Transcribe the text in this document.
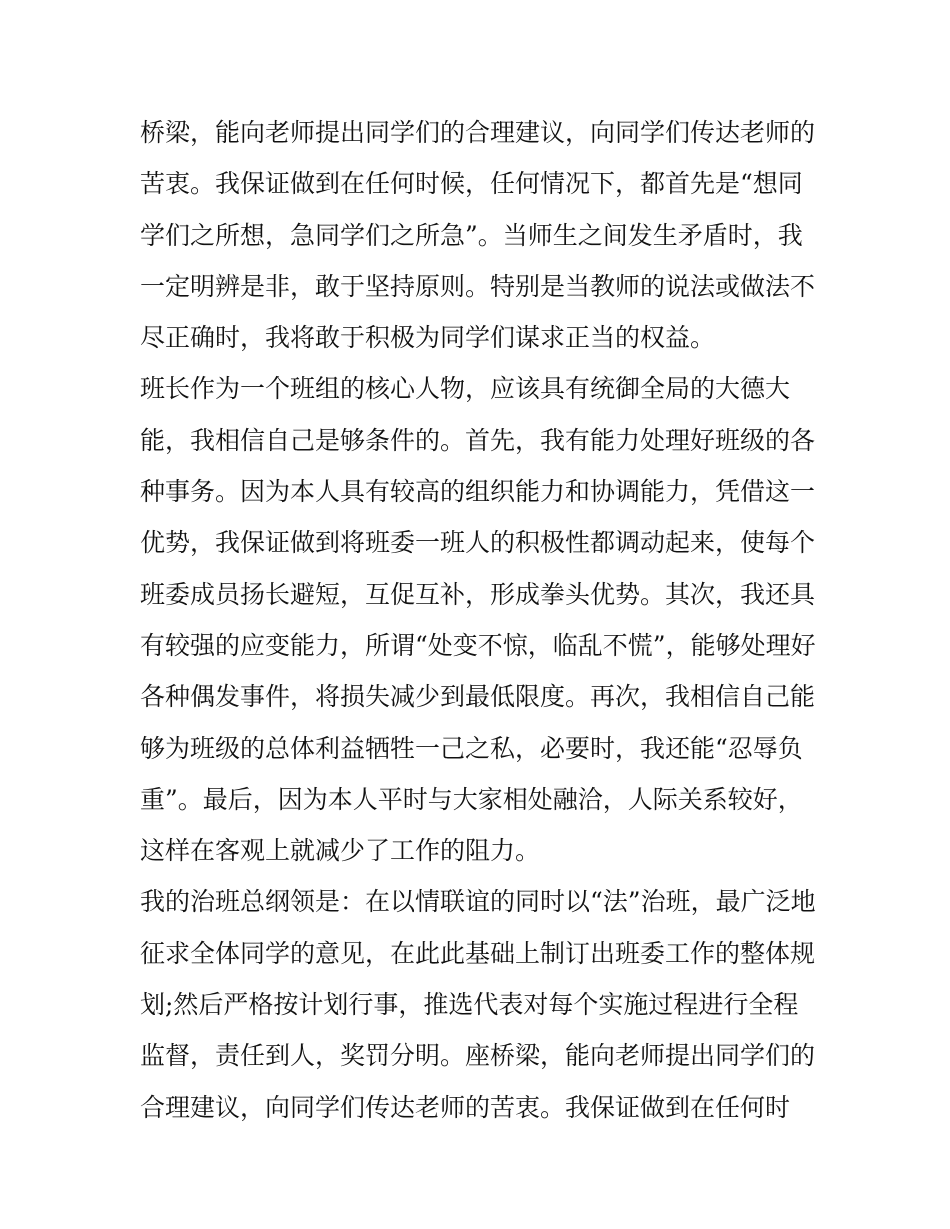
桥梁，能向老师提出同学们的合理建议，向同学们传达老师的
苦衷。我保证做到在任何时候，任何情况下，都首先是“想同
学们之所想，急同学们之所急”。当师生之间发生矛盾时，我
一定明辨是非，敢于坚持原则。特别是当教师的说法或做法不
尽正确时，我将敢于积极为同学们谋求正当的权益。
班长作为一个班组的核心人物，应该具有统御全局的大德大
能，我相信自己是够条件的。首先，我有能力处理好班级的各
种事务。因为本人具有较高的组织能力和协调能力，凭借这一
优势，我保证做到将班委一班人的积极性都调动起来，使每个
班委成员扬长避短，互促互补，形成拳头优势。其次，我还具
有较强的应变能力，所谓“处变不惊，临乱不慌”，能够处理好
各种偶发事件，将损失减少到最低限度。再次，我相信自己能
够为班级的总体利益牺牲一己之私，必要时，我还能“忍辱负
重”。最后，因为本人平时与大家相处融洽，人际关系较好，
这样在客观上就减少了工作的阻力。
我的治班总纲领是：在以情联谊的同时以“法”治班，最广泛地
征求全体同学的意见，在此此基础上制订出班委工作的整体规
划;然后严格按计划行事，推选代表对每个实施过程进行全程
监督，责任到人，奖罚分明。座桥梁，能向老师提出同学们的
合理建议，向同学们传达老师的苦衷。我保证做到在任何时
